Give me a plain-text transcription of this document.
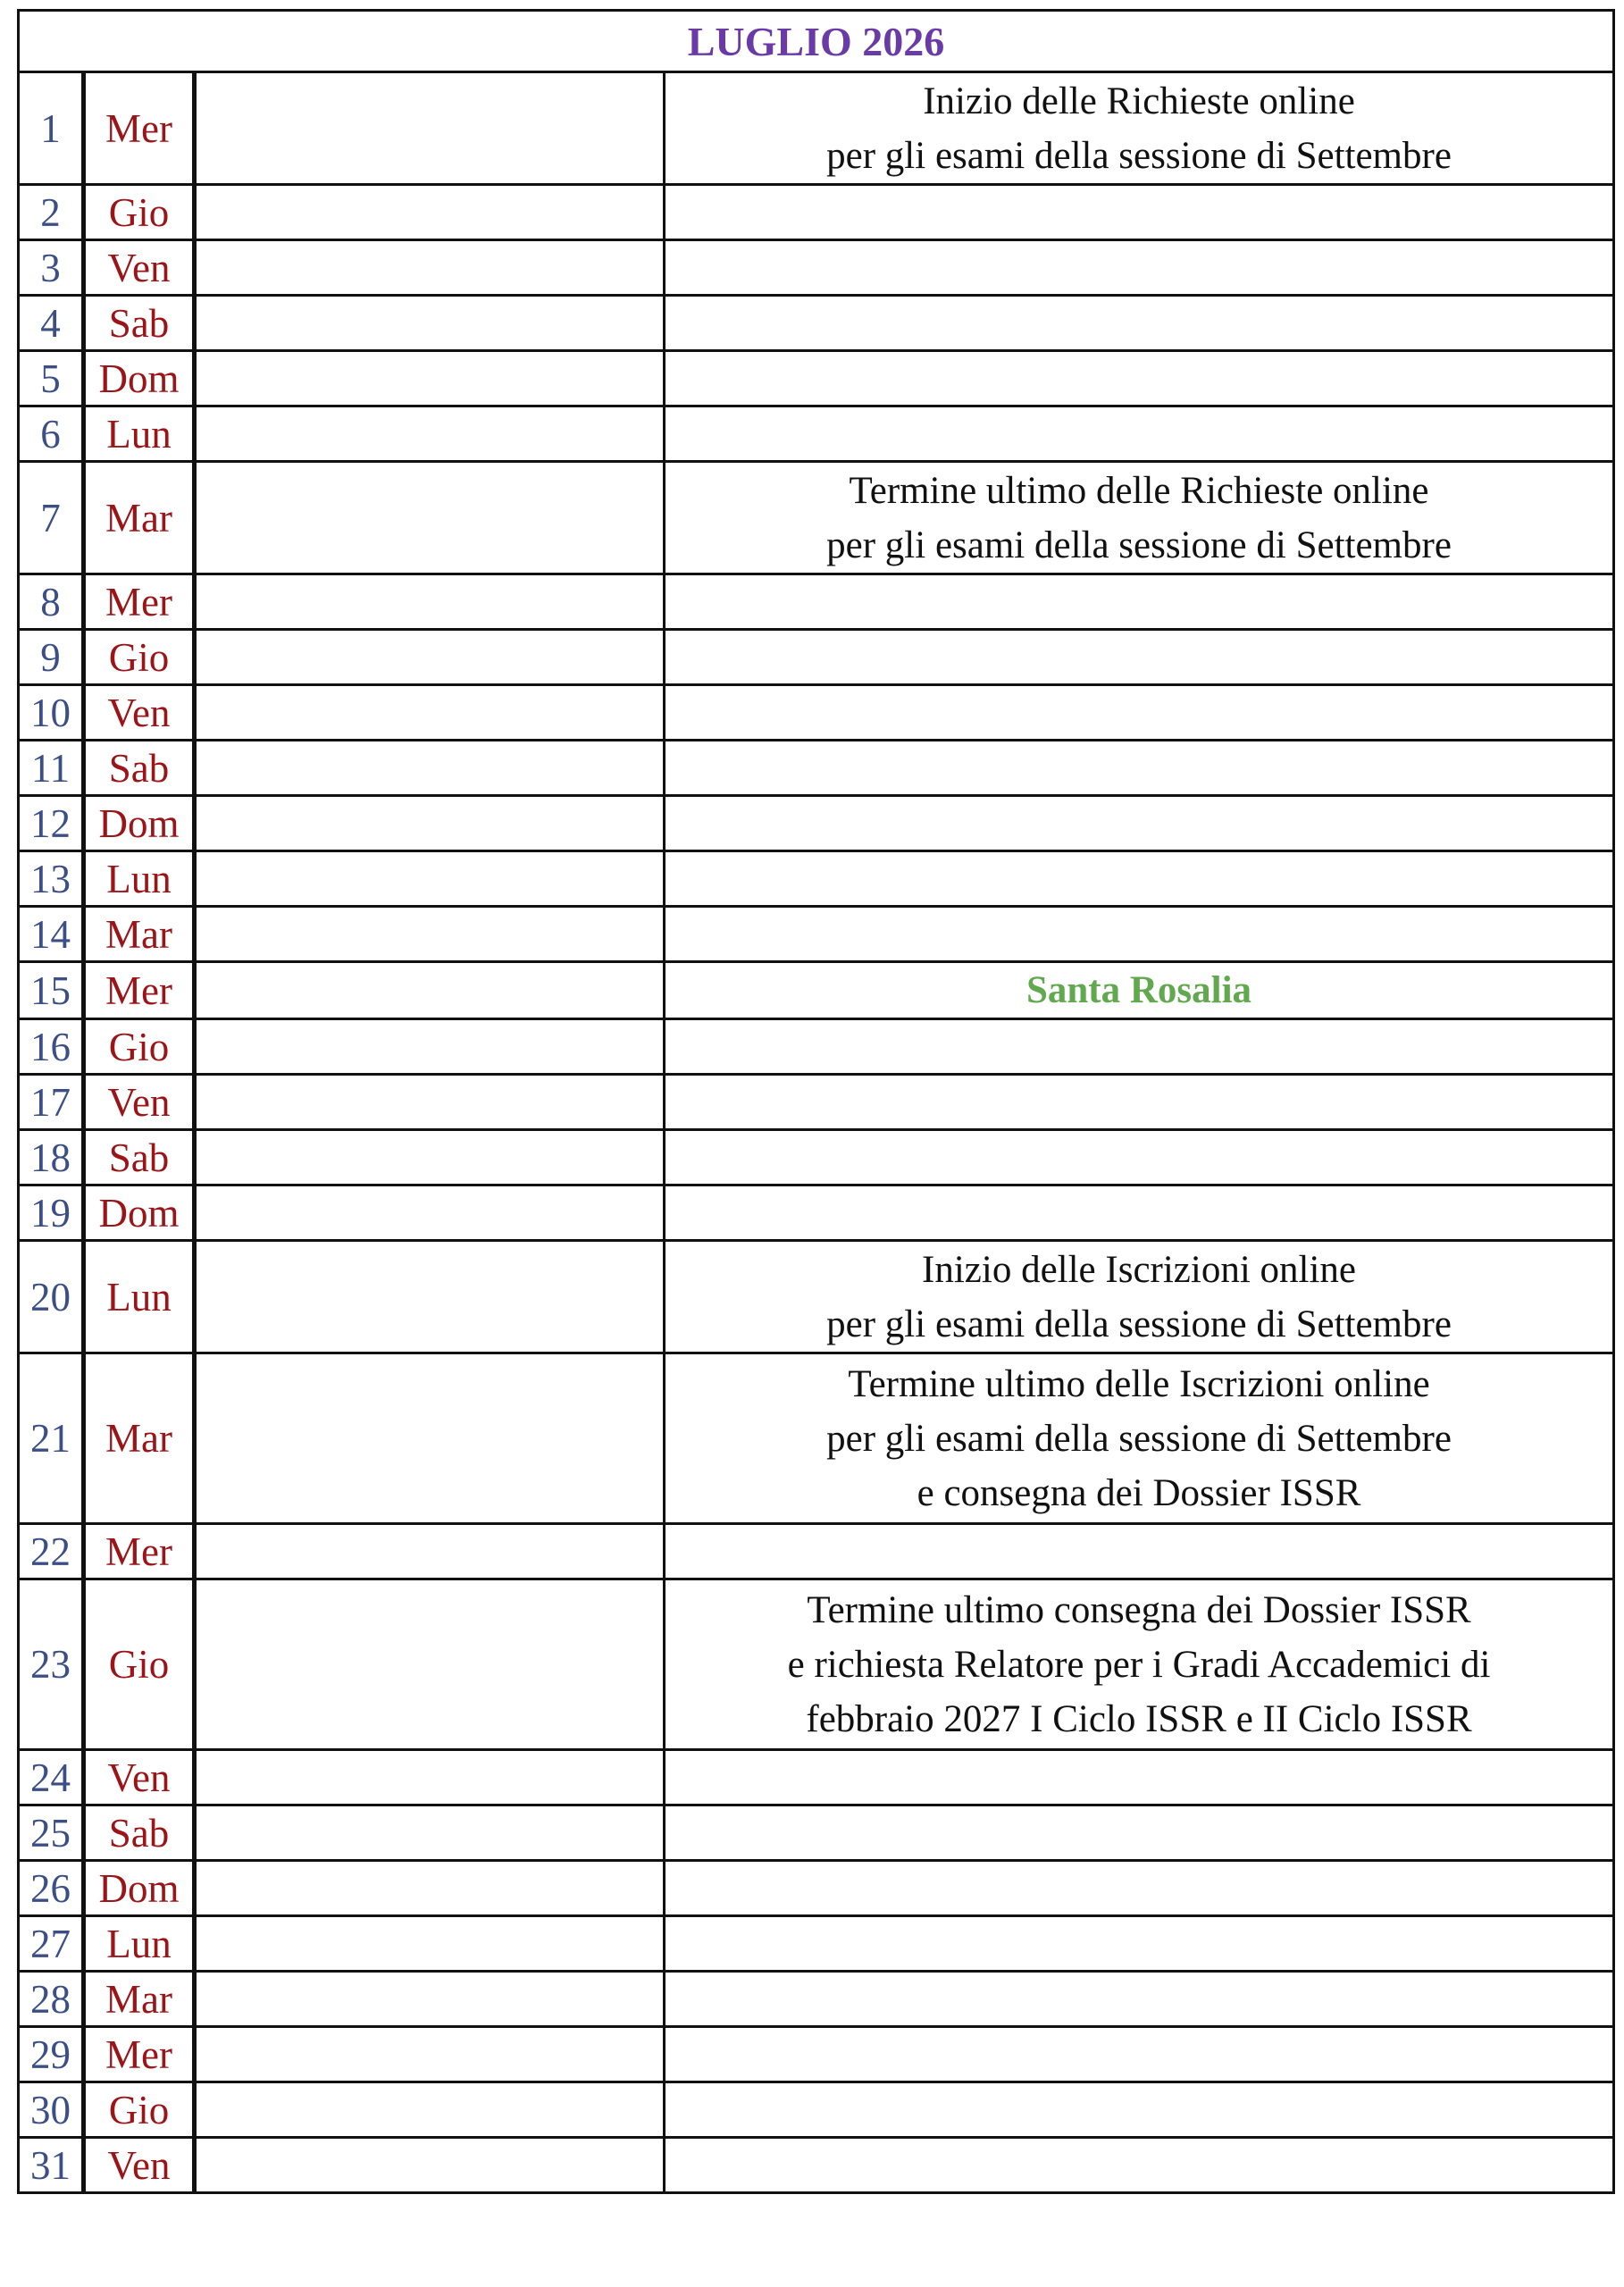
LUGLIO 2026			
1	Mer		Inizio delle Richieste online
per gli esami della sessione di Settembre
2	Gio		
3	Ven		
4	Sab		
5	Dom		
6	Lun		
7	Mar		Termine ultimo delle Richieste online
per gli esami della sessione di Settembre
8	Mer		
9	Gio		
10	Ven		
11	Sab		
12	Dom		
13	Lun		
14	Mar		
15	Mer		Santa Rosalia
16	Gio		
17	Ven		
18	Sab		
19	Dom		
20	Lun		Inizio delle Iscrizioni online
per gli esami della sessione di Settembre
21	Mar		Termine ultimo delle Iscrizioni online
per gli esami della sessione di Settembre
e consegna dei Dossier ISSR
22	Mer		
23	Gio		Termine ultimo consegna dei Dossier ISSR
e richiesta Relatore per i Gradi Accademici di
febbraio 2027 I Ciclo ISSR e II Ciclo ISSR
24	Ven		
25	Sab		
26	Dom		
27	Lun		
28	Mar		
29	Mer		
30	Gio		
31	Ven		
